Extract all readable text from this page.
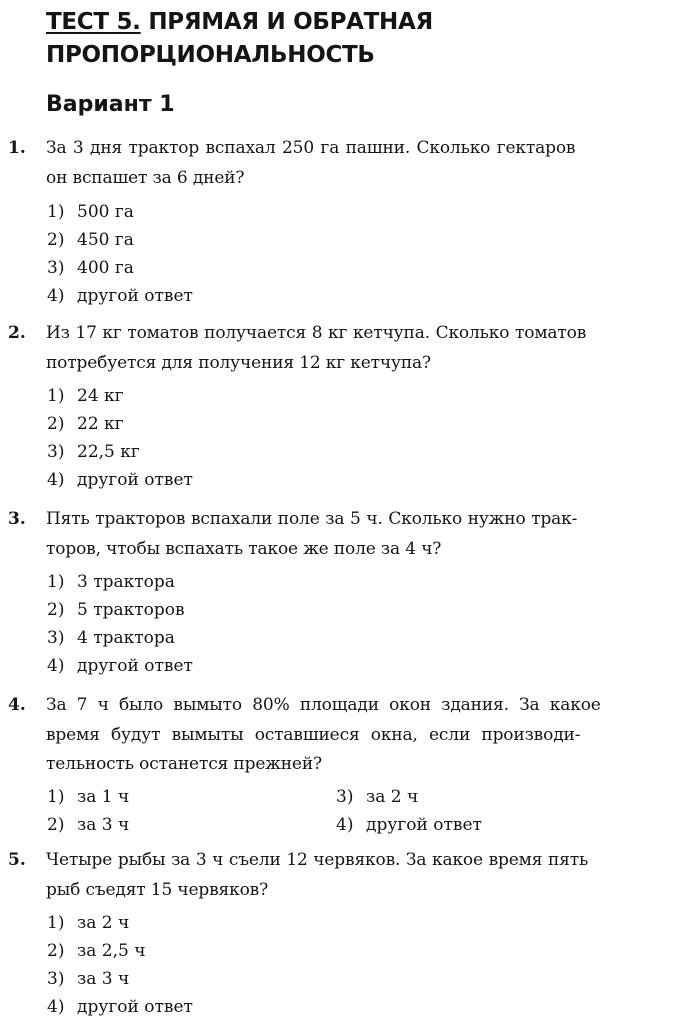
ТЕСТ 5. ПРЯМАЯ И ОБРАТНАЯ
ПРОПОРЦИОНАЛЬНОСТЬ
Вариант 1
1. За 3 дня трактор вспахал 250 га пашни. Сколько гектаров
он вспашет за 6 дней?
1) 500 га
2) 450 га
3) 400 га
4) другой ответ
2. Из 17 кг томатов получается 8 кг кетчупа. Сколько томатов
потребуется для получения 12 кг кетчупа?
1) 24 кг
2) 22 кг
3) 22,5 кг
4) другой ответ
3. Пять тракторов вспахали поле за 5 ч. Сколько нужно трак-
торов, чтобы вспахать такое же поле за 4 ч?
1) 3 трактора
2) 5 тракторов
3) 4 трактора
4) другой ответ
4. За 7 ч было вымыто 80% площади окон здания. За какое
время будут вымыты оставшиеся окна, если производи-
тельность останется прежней?
1) за 1 ч	3) за 2 ч
2) за 3 ч	4) другой ответ
5. Четыре рыбы за 3 ч съели 12 червяков. За какое время пять
рыб съедят 15 червяков?
1) за 2 ч
2) за 2,5 ч
3) за 3 ч
4) другой ответ
